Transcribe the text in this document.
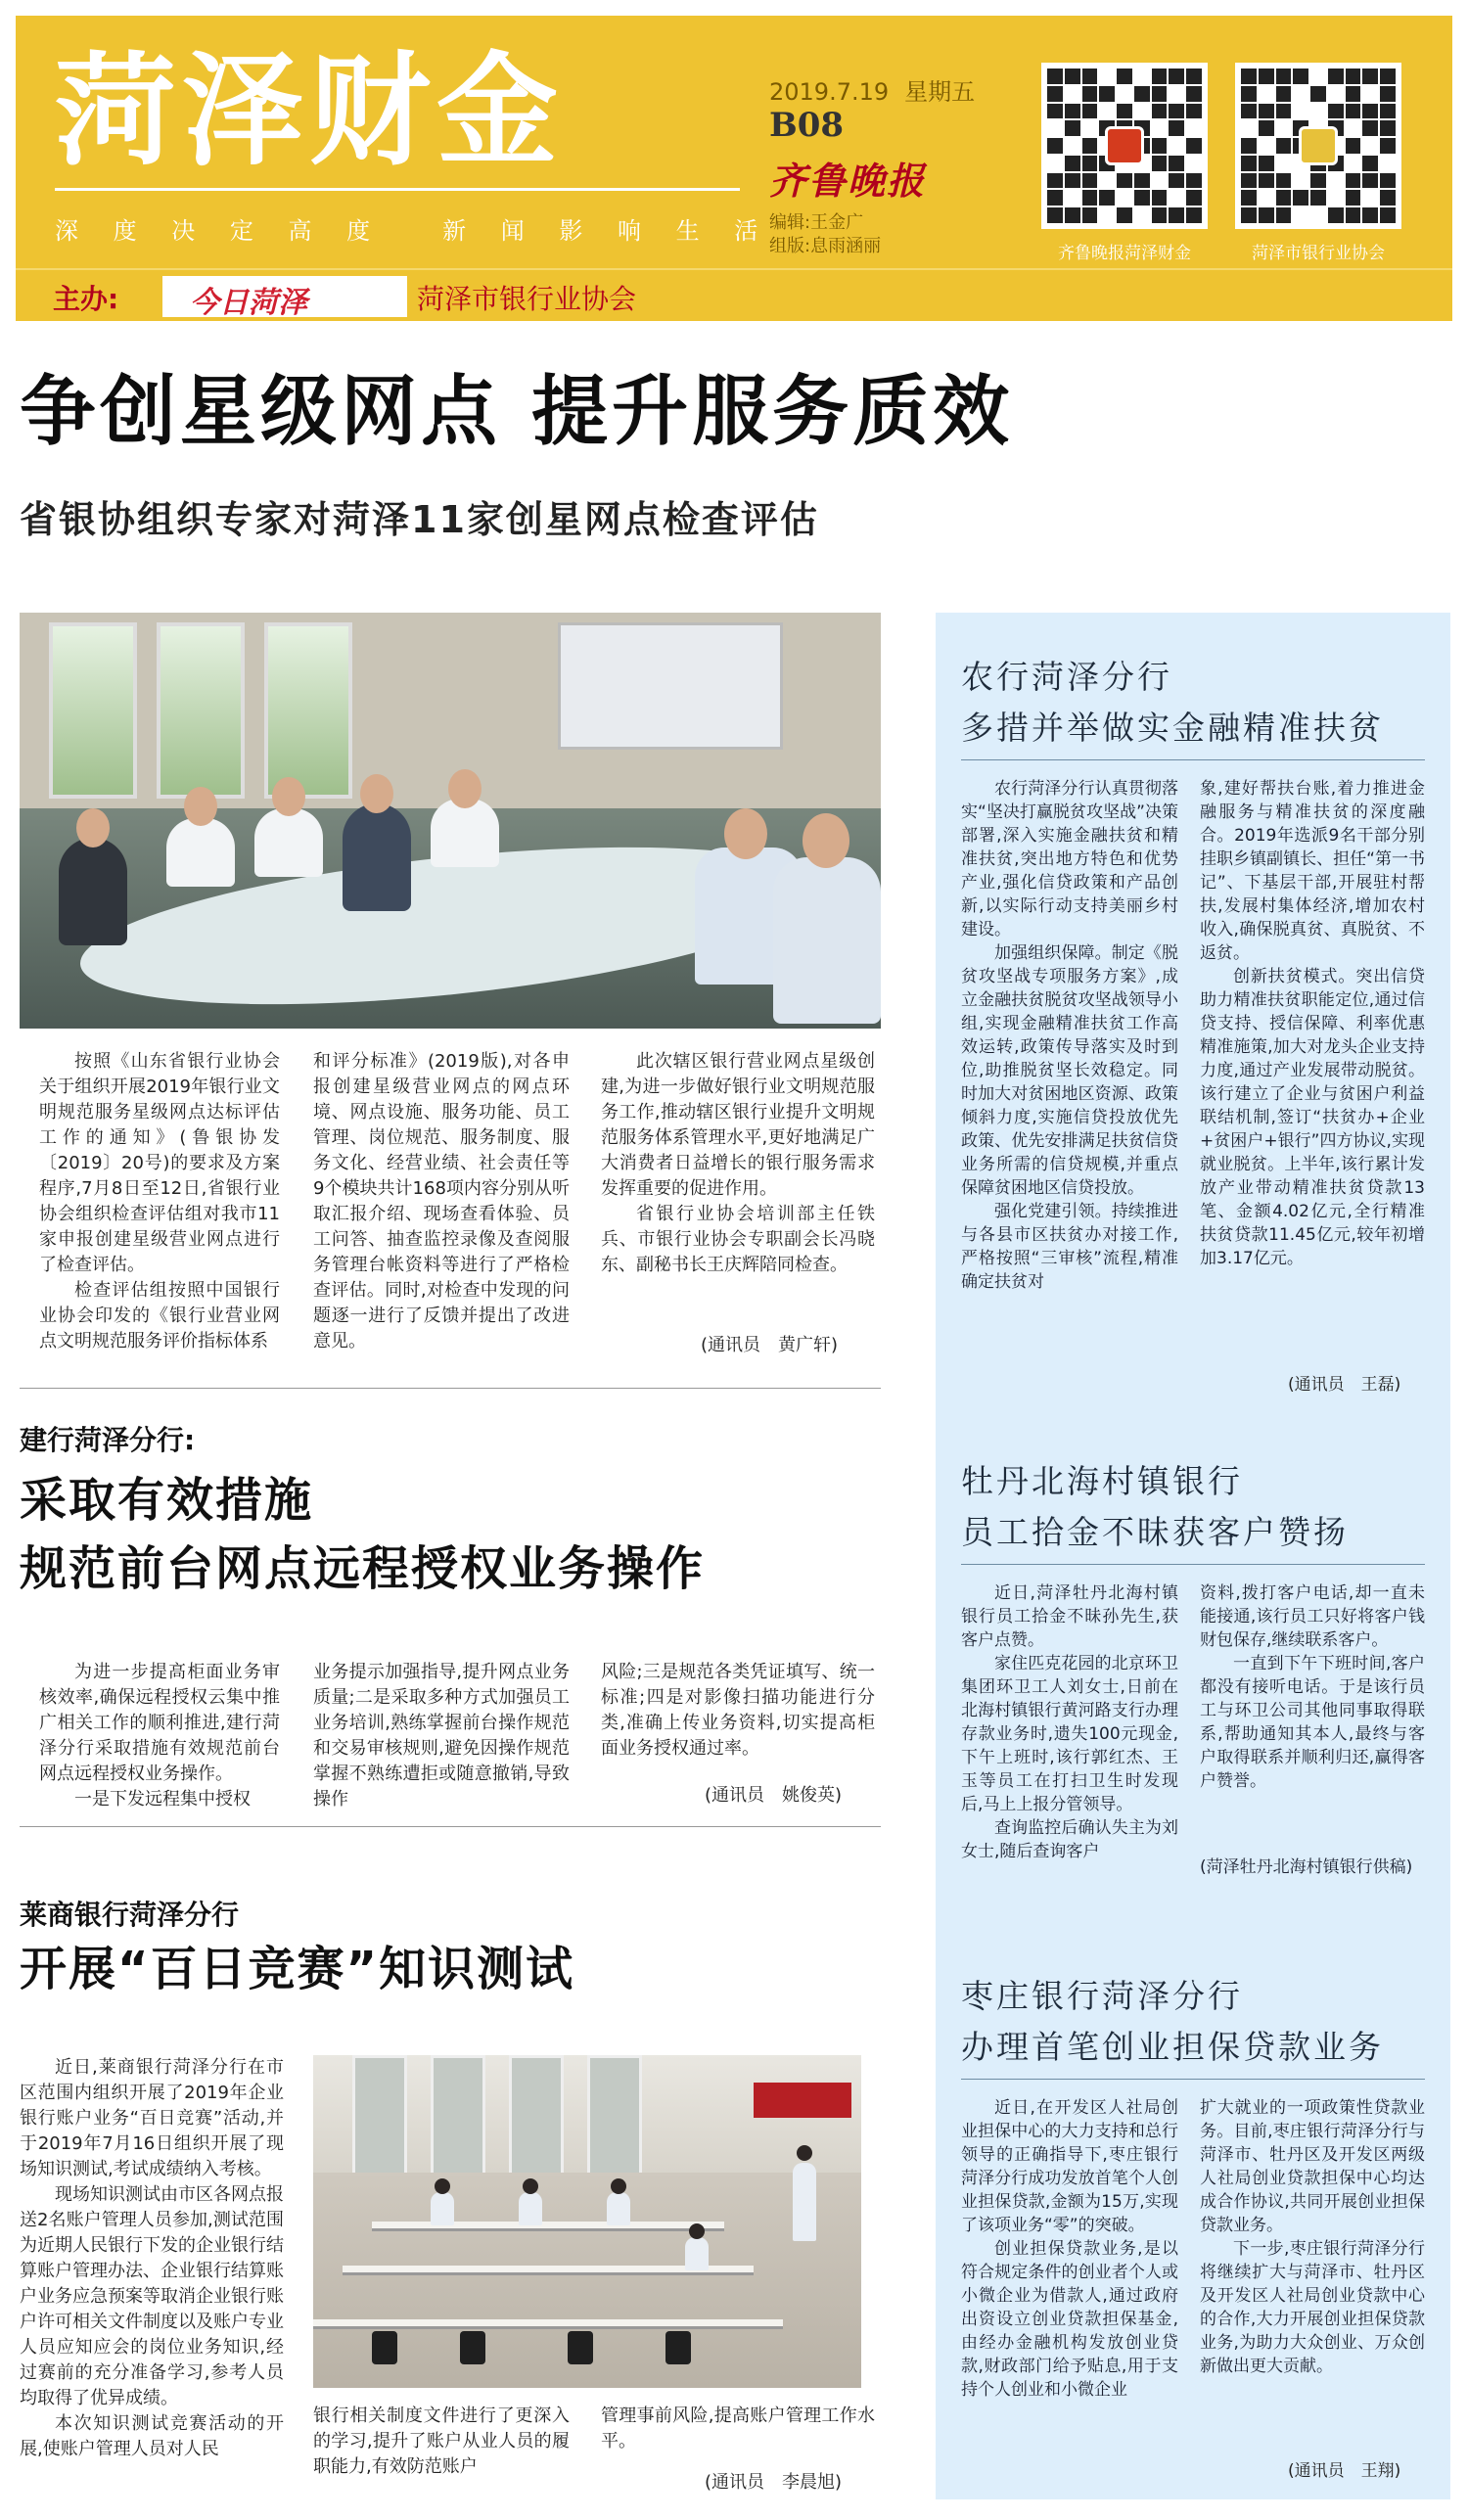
菏泽财金
深 度 决 定 高 度	新 闻 影 响 生 活
2019.7.19 星期五
B08
齐鲁晚报
编辑:王金广
组版:息雨涵丽	齐鲁晚报菏泽财金	菏泽市银行业协会
主办: 今日菏泽	菏泽市银行业协会
争创星级网点 提升服务质效
省银协组织专家对菏泽11家创星网点检查评估

按照《山东省银行业协会关于组织开展2019年银行业文明规范服务星级网点达标评估工作的通知》(鲁银协发〔2019〕20号)的要求及方案程序,7月8日至12日,省银行业协会组织检查评估组对我市11家申报创建星级营业网点进行了检查评估。

检查评估组按照中国银行业协会印发的《银行业营业网点文明规范服务评价指标体系

和评分标准》(2019版),对各申报创建星级营业网点的网点环境、网点设施、服务功能、员工管理、岗位规范、服务制度、服务文化、经营业绩、社会责任等9个模块共计168项内容分别从听取汇报介绍、现场查看体验、员工问答、抽查监控录像及查阅服务管理台帐资料等进行了严格检查评估。同时,对检查中发现的问题逐一进行了反馈并提出了改进意见。

此次辖区银行营业网点星级创建,为进一步做好银行业文明规范服务工作,推动辖区银行业提升文明规范服务体系管理水平,更好地满足广大消费者日益增长的银行服务需求发挥重要的促进作用。

省银行业协会培训部主任铁兵、市银行业协会专职副会长冯晓东、副秘书长王庆辉陪同检查。

(通讯员　黄广轩)
建行菏泽分行:
采取有效措施
规范前台网点远程授权业务操作

为进一步提高柜面业务审核效率,确保远程授权云集中推广相关工作的顺利推进,建行菏泽分行采取措施有效规范前台网点远程授权业务操作。

一是下发远程集中授权

业务提示加强指导,提升网点业务质量;二是采取多种方式加强员工业务培训,熟练掌握前台操作规范和交易审核规则,避免因操作规范掌握不熟练遭拒或随意撤销,导致操作

风险;三是规范各类凭证填写、统一标准;四是对影像扫描功能进行分类,准确上传业务资料,切实提高柜面业务授权通过率。

(通讯员　姚俊英)
莱商银行菏泽分行
开展“百日竞赛”知识测试

近日,莱商银行菏泽分行在市区范围内组织开展了2019年企业银行账户业务“百日竞赛”活动,并于2019年7月16日组织开展了现场知识测试,考试成绩纳入考核。

现场知识测试由市区各网点报送2名账户管理人员参加,测试范围为近期人民银行下发的企业银行结算账户管理办法、企业银行结算账户业务应急预案等取消企业银行账户许可相关文件制度以及账户专业人员应知应会的岗位业务知识,经过赛前的充分准备学习,参考人员均取得了优异成绩。

本次知识测试竞赛活动的开展,使账户管理人员对人民

银行相关制度文件进行了更深入的学习,提升了账户从业人员的履职能力,有效防范账户

管理事前风险,提高账户管理工作水平。

(通讯员　李晨旭)
农行菏泽分行
多措并举做实金融精准扶贫

农行菏泽分行认真贯彻落实“坚决打赢脱贫攻坚战”决策部署,深入实施金融扶贫和精准扶贫,突出地方特色和优势产业,强化信贷政策和产品创新,以实际行动支持美丽乡村建设。

加强组织保障。制定《脱贫攻坚战专项服务方案》,成立金融扶贫脱贫攻坚战领导小组,实现金融精准扶贫工作高效运转,政策传导落实及时到位,助推脱贫坚长效稳定。同时加大对贫困地区资源、政策倾斜力度,实施信贷投放优先政策、优先安排满足扶贫信贷业务所需的信贷规模,并重点保障贫困地区信贷投放。

强化党建引领。持续推进与各县市区扶贫办对接工作,严格按照“三审核”流程,精准确定扶贫对

象,建好帮扶台账,着力推进金融服务与精准扶贫的深度融合。2019年选派9名干部分别挂职乡镇副镇长、担任“第一书记”、下基层干部,开展驻村帮扶,发展村集体经济,增加农村收入,确保脱真贫、真脱贫、不返贫。

创新扶贫模式。突出信贷助力精准扶贫职能定位,通过信贷支持、授信保障、利率优惠精准施策,加大对龙头企业支持力度,通过产业发展带动脱贫。该行建立了企业与贫困户利益联结机制,签订“扶贫办+企业+贫困户+银行”四方协议,实现就业脱贫。上半年,该行累计发放产业带动精准扶贫贷款13笔、金额4.02亿元,全行精准扶贫贷款11.45亿元,较年初增加3.17亿元。

(通讯员　王磊)
牡丹北海村镇银行
员工拾金不昧获客户赞扬

近日,菏泽牡丹北海村镇银行员工拾金不昧孙先生,获客户点赞。

家住匹克花园的北京环卫集团环卫工人刘女士,日前在北海村镇银行黄河路支行办理存款业务时,遗失100元现金,下午上班时,该行郭红杰、王玉等员工在打扫卫生时发现后,马上上报分管领导。

查询监控后确认失主为刘女士,随后查询客户

资料,拨打客户电话,却一直未能接通,该行员工只好将客户钱财包保存,继续联系客户。

一直到下午下班时间,客户都没有接听电话。于是该行员工与环卫公司其他同事取得联系,帮助通知其本人,最终与客户取得联系并顺利归还,赢得客户赞誉。

(菏泽牡丹北海村镇银行供稿)
枣庄银行菏泽分行
办理首笔创业担保贷款业务

近日,在开发区人社局创业担保中心的大力支持和总行领导的正确指导下,枣庄银行菏泽分行成功发放首笔个人创业担保贷款,金额为15万,实现了该项业务“零”的突破。

创业担保贷款业务,是以符合规定条件的创业者个人或小微企业为借款人,通过政府出资设立创业贷款担保基金,由经办金融机构发放创业贷款,财政部门给予贴息,用于支持个人创业和小微企业

扩大就业的一项政策性贷款业务。目前,枣庄银行菏泽分行与菏泽市、牡丹区及开发区两级人社局创业贷款担保中心均达成合作协议,共同开展创业担保贷款业务。

下一步,枣庄银行菏泽分行将继续扩大与菏泽市、牡丹区及开发区人社局创业贷款中心的合作,大力开展创业担保贷款业务,为助力大众创业、万众创新做出更大贡献。

(通讯员　王翔)
